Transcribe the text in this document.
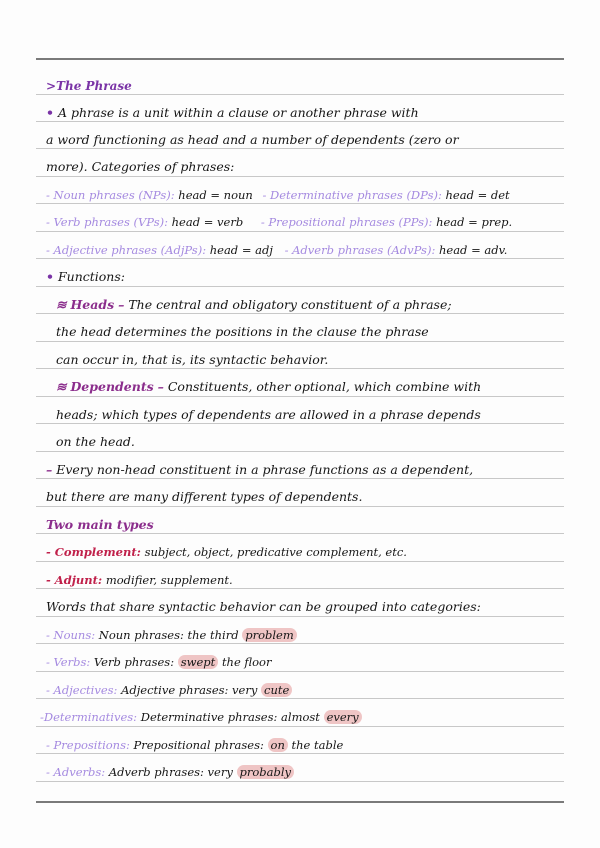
>The Phrase
• A phrase is a unit within a clause or another phrase with
a word functioning as head and a number of dependents (zero or
more). Categories of phrases:
- Noun phrases (NPs): head = noun - Determinative phrases (DPs): head = det
- Verb phrases (VPs): head = verb - Prepositional phrases (PPs): head = prep.
- Adjective phrases (AdjPs): head = adj - Adverb phrases (AdvPs): head = adv.
• Functions:
≋ Heads – The central and obligatory constituent of a phrase;
the head determines the positions in the clause the phrase
can occur in, that is, its syntactic behavior.
≋ Dependents – Constituents, other optional, which combine with
heads; which types of dependents are allowed in a phrase depends
on the head.
– Every non-head constituent in a phrase functions as a dependent,
but there are many different types of dependents.
Two main types
- Complement: subject, object, predicative complement, etc.
- Adjunt: modifier, supplement.
Words that share syntactic behavior can be grouped into categories:
- Nouns: Noun phrases: the third problem
- Verbs: Verb phrases: swept the floor
- Adjectives: Adjective phrases: very cute
-Determinatives: Determinative phrases: almost every
- Prepositions: Prepositional phrases: on the table
- Adverbs: Adverb phrases: very probably
